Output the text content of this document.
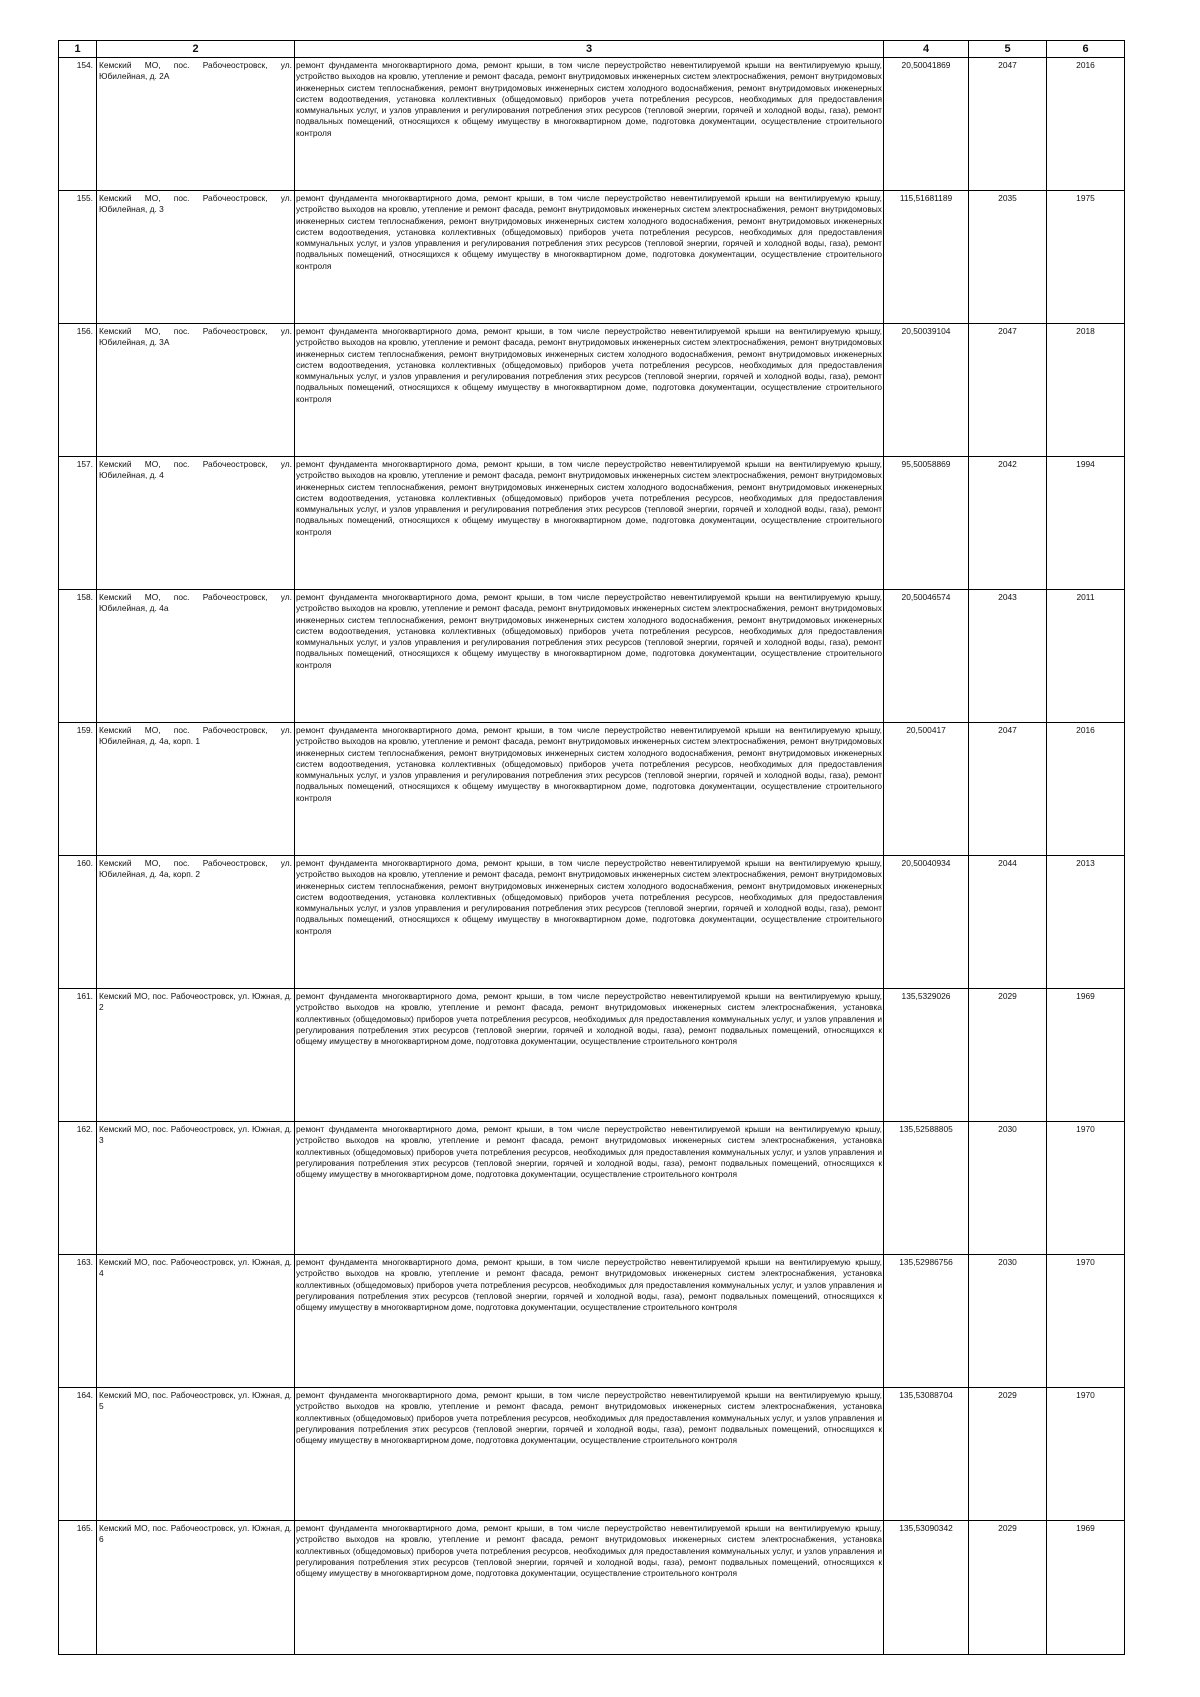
1	2	3	4	5	6
154.	Кемский МО, пос. Рабочеостровск, ул. Юбилейная, д. 2А	ремонт фундамента многоквартирного дома, ремонт крыши, в том числе переустройство невентилируемой крыши на вентилируемую крышу, устройство выходов на кровлю, утепление и ремонт фасада, ремонт внутридомовых инженерных систем электроснабжения, ремонт внутридомовых инженерных систем теплоснабжения, ремонт внутридомовых инженерных систем холодного водоснабжения, ремонт внутридомовых инженерных систем водоотведения, установка коллективных (общедомовых) приборов учета потребления ресурсов, необходимых для предоставления коммунальных услуг, и узлов управления и регулирования потребления этих ресурсов (тепловой энергии, горячей и холодной воды, газа), ремонт подвальных помещений, относящихся к общему имуществу в многоквартирном доме, подготовка документации, осуществление строительного контроля	20,50041869	2047	2016
155.	Кемский МО, пос. Рабочеостровск, ул. Юбилейная, д. 3	ремонт фундамента многоквартирного дома, ремонт крыши, в том числе переустройство невентилируемой крыши на вентилируемую крышу, устройство выходов на кровлю, утепление и ремонт фасада, ремонт внутридомовых инженерных систем электроснабжения, ремонт внутридомовых инженерных систем теплоснабжения, ремонт внутридомовых инженерных систем холодного водоснабжения, ремонт внутридомовых инженерных систем водоотведения, установка коллективных (общедомовых) приборов учета потребления ресурсов, необходимых для предоставления коммунальных услуг, и узлов управления и регулирования потребления этих ресурсов (тепловой энергии, горячей и холодной воды, газа), ремонт подвальных помещений, относящихся к общему имуществу в многоквартирном доме, подготовка документации, осуществление строительного контроля	115,51681189	2035	1975
156.	Кемский МО, пос. Рабочеостровск, ул. Юбилейная, д. 3А	ремонт фундамента многоквартирного дома, ремонт крыши, в том числе переустройство невентилируемой крыши на вентилируемую крышу, устройство выходов на кровлю, утепление и ремонт фасада, ремонт внутридомовых инженерных систем электроснабжения, ремонт внутридомовых инженерных систем теплоснабжения, ремонт внутридомовых инженерных систем холодного водоснабжения, ремонт внутридомовых инженерных систем водоотведения, установка коллективных (общедомовых) приборов учета потребления ресурсов, необходимых для предоставления коммунальных услуг, и узлов управления и регулирования потребления этих ресурсов (тепловой энергии, горячей и холодной воды, газа), ремонт подвальных помещений, относящихся к общему имуществу в многоквартирном доме, подготовка документации, осуществление строительного контроля	20,50039104	2047	2018
157.	Кемский МО, пос. Рабочеостровск, ул. Юбилейная, д. 4	ремонт фундамента многоквартирного дома, ремонт крыши, в том числе переустройство невентилируемой крыши на вентилируемую крышу, устройство выходов на кровлю, утепление и ремонт фасада, ремонт внутридомовых инженерных систем электроснабжения, ремонт внутридомовых инженерных систем теплоснабжения, ремонт внутридомовых инженерных систем холодного водоснабжения, ремонт внутридомовых инженерных систем водоотведения, установка коллективных (общедомовых) приборов учета потребления ресурсов, необходимых для предоставления коммунальных услуг, и узлов управления и регулирования потребления этих ресурсов (тепловой энергии, горячей и холодной воды, газа), ремонт подвальных помещений, относящихся к общему имуществу в многоквартирном доме, подготовка документации, осуществление строительного контроля	95,50058869	2042	1994
158.	Кемский МО, пос. Рабочеостровск, ул. Юбилейная, д. 4а	ремонт фундамента многоквартирного дома, ремонт крыши, в том числе переустройство невентилируемой крыши на вентилируемую крышу, устройство выходов на кровлю, утепление и ремонт фасада, ремонт внутридомовых инженерных систем электроснабжения, ремонт внутридомовых инженерных систем теплоснабжения, ремонт внутридомовых инженерных систем холодного водоснабжения, ремонт внутридомовых инженерных систем водоотведения, установка коллективных (общедомовых) приборов учета потребления ресурсов, необходимых для предоставления коммунальных услуг, и узлов управления и регулирования потребления этих ресурсов (тепловой энергии, горячей и холодной воды, газа), ремонт подвальных помещений, относящихся к общему имуществу в многоквартирном доме, подготовка документации, осуществление строительного контроля	20,50046574	2043	2011
159.	Кемский МО, пос. Рабочеостровск, ул. Юбилейная, д. 4а, корп. 1	ремонт фундамента многоквартирного дома, ремонт крыши, в том числе переустройство невентилируемой крыши на вентилируемую крышу, устройство выходов на кровлю, утепление и ремонт фасада, ремонт внутридомовых инженерных систем электроснабжения, ремонт внутридомовых инженерных систем теплоснабжения, ремонт внутридомовых инженерных систем холодного водоснабжения, ремонт внутридомовых инженерных систем водоотведения, установка коллективных (общедомовых) приборов учета потребления ресурсов, необходимых для предоставления коммунальных услуг, и узлов управления и регулирования потребления этих ресурсов (тепловой энергии, горячей и холодной воды, газа), ремонт подвальных помещений, относящихся к общему имуществу в многоквартирном доме, подготовка документации, осуществление строительного контроля	20,500417	2047	2016
160.	Кемский МО, пос. Рабочеостровск, ул. Юбилейная, д. 4а, корп. 2	ремонт фундамента многоквартирного дома, ремонт крыши, в том числе переустройство невентилируемой крыши на вентилируемую крышу, устройство выходов на кровлю, утепление и ремонт фасада, ремонт внутридомовых инженерных систем электроснабжения, ремонт внутридомовых инженерных систем теплоснабжения, ремонт внутридомовых инженерных систем холодного водоснабжения, ремонт внутридомовых инженерных систем водоотведения, установка коллективных (общедомовых) приборов учета потребления ресурсов, необходимых для предоставления коммунальных услуг, и узлов управления и регулирования потребления этих ресурсов (тепловой энергии, горячей и холодной воды, газа), ремонт подвальных помещений, относящихся к общему имуществу в многоквартирном доме, подготовка документации, осуществление строительного контроля	20,50040934	2044	2013
161.	Кемский МО, пос. Рабочеостровск, ул. Южная, д. 2	ремонт фундамента многоквартирного дома, ремонт крыши, в том числе переустройство невентилируемой крыши на вентилируемую крышу, устройство выходов на кровлю, утепление и ремонт фасада, ремонт внутридомовых инженерных систем электроснабжения, установка коллективных (общедомовых) приборов учета потребления ресурсов, необходимых для предоставления коммунальных услуг, и узлов управления и регулирования потребления этих ресурсов (тепловой энергии, горячей и холодной воды, газа), ремонт подвальных помещений, относящихся к общему имуществу в многоквартирном доме, подготовка документации, осуществление строительного контроля	135,5329026	2029	1969
162.	Кемский МО, пос. Рабочеостровск, ул. Южная, д. 3	ремонт фундамента многоквартирного дома, ремонт крыши, в том числе переустройство невентилируемой крыши на вентилируемую крышу, устройство выходов на кровлю, утепление и ремонт фасада, ремонт внутридомовых инженерных систем электроснабжения, установка коллективных (общедомовых) приборов учета потребления ресурсов, необходимых для предоставления коммунальных услуг, и узлов управления и регулирования потребления этих ресурсов (тепловой энергии, горячей и холодной воды, газа), ремонт подвальных помещений, относящихся к общему имуществу в многоквартирном доме, подготовка документации, осуществление строительного контроля	135,52588805	2030	1970
163.	Кемский МО, пос. Рабочеостровск, ул. Южная, д. 4	ремонт фундамента многоквартирного дома, ремонт крыши, в том числе переустройство невентилируемой крыши на вентилируемую крышу, устройство выходов на кровлю, утепление и ремонт фасада, ремонт внутридомовых инженерных систем электроснабжения, установка коллективных (общедомовых) приборов учета потребления ресурсов, необходимых для предоставления коммунальных услуг, и узлов управления и регулирования потребления этих ресурсов (тепловой энергии, горячей и холодной воды, газа), ремонт подвальных помещений, относящихся к общему имуществу в многоквартирном доме, подготовка документации, осуществление строительного контроля	135,52986756	2030	1970
164.	Кемский МО, пос. Рабочеостровск, ул. Южная, д. 5	ремонт фундамента многоквартирного дома, ремонт крыши, в том числе переустройство невентилируемой крыши на вентилируемую крышу, устройство выходов на кровлю, утепление и ремонт фасада, ремонт внутридомовых инженерных систем электроснабжения, установка коллективных (общедомовых) приборов учета потребления ресурсов, необходимых для предоставления коммунальных услуг, и узлов управления и регулирования потребления этих ресурсов (тепловой энергии, горячей и холодной воды, газа), ремонт подвальных помещений, относящихся к общему имуществу в многоквартирном доме, подготовка документации, осуществление строительного контроля	135,53088704	2029	1970
165.	Кемский МО, пос. Рабочеостровск, ул. Южная, д. 6	ремонт фундамента многоквартирного дома, ремонт крыши, в том числе переустройство невентилируемой крыши на вентилируемую крышу, устройство выходов на кровлю, утепление и ремонт фасада, ремонт внутридомовых инженерных систем электроснабжения, установка коллективных (общедомовых) приборов учета потребления ресурсов, необходимых для предоставления коммунальных услуг, и узлов управления и регулирования потребления этих ресурсов (тепловой энергии, горячей и холодной воды, газа), ремонт подвальных помещений, относящихся к общему имуществу в многоквартирном доме, подготовка документации, осуществление строительного контроля	135,53090342	2029	1969
